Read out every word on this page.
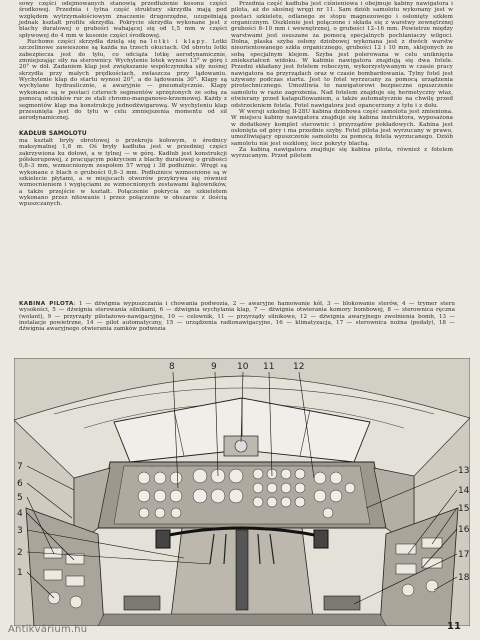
sowy części odejmowanych stanowią przedłużenie kesonu części środkowej. Przednia i tylna część struktury skrzydła mają pod względem wytrzymałościowym znaczenie drugorzędne, uzupełniają jednak kształt profilu skrzydła. Pokrycie skrzydła wykonane jest z blachy duralowej o grubości wahającej się od 1,5 mm w części spływowej do 4 mm w kesonie części środkowej.

Ruchome części skrzydła dzielą się na lotki i klapy. Lotki szczelinowe zawieszone są każda na trzech okuciach. Od obrotu lotki zabezpiecza jest do tyłu, co odciąża lotkę aerodynamicznie, zmniejszając siły na sterownicy. Wychylenie lotek wynosi 13° w górę i 20° w dół. Zadaniem klap jest zwiększanie współczynnika siły nośnej skrzydła przy małych prędkościach, zwłaszcza przy lądowaniu. Wychylenie klap do startu wynosi 20°, a do lądowania 30°. Klapy są wychylane hydraulicznie, a awaryjnie — pneumatycznie. Klapy wykonane są w postaci czterech segmentów sprzężonych ze sobą za pomocą odcinków rur ze stali chromo-manganowo-krzemowej. Każdy z segmentów klap ma konstrukcję jednodźwigarową. W wychyleniu klap przesunięta jest do tyłu w celu zmniejszenia momentu od sił aerodynamicznej.

KADŁUB SAMOLOTU
ma kształt bryły obrotowej o przekroju kołowym, o średnicy maksymalnej 1,8 m. Oś bryły kadłuba jest w przedniej części zakrzywiona ku dołowi, a w tylnej — w górę. Kadłub jest konstrukcji półskorupowej, z pracującym pokryciem z blachy duralowej o grubości 0,8–3 mm, wzmocnionym zespołem 57 wręg i 38 podłużnic. Wręgi są wykonane z blach o grubości 0,8–3 mm. Podłużnice wzmocnione są w szkielecie płytami, a w miejscach otworów przykrywa się również wzmocnieniem i wygięciami ze wzmocnionych zestawami kątowników, a także przejście w kształt. Połączenie pokrycia ze szkieletem wykonano przez nitowanie i przez połączenie w obszarze z ilością wpuszczanych.

Przednia część kadłuba jest ciśnieniowa i obejmuje kabiny nawigatora i pilota, aż do skośnej wręgi nr 11. Sam dziób samolotu wykonany jest w postaci szkieletu, odlanego ze stopu magnezowego i osłonięty szkłem organicznym. Oszklenie jest połączone i składa się z warstwy zewnętrznej grubości 8–10 mm i wewnętrznej, o grubości 12–16 mm. Powietrze między warstwami jest osuszane za pomocą specjalnych pochłaniaczy wilgoci. Dolna, płaska szyba osłony dziobowej wykonana jest z dwóch warstw nieorientowanego szkła organicznego, grubości 12 i 10 mm, sklejonych ze sobą specjalnym klejem. Szyba jest polerowana w celu uniknięcia zniekształceń widoku. W kabinie nawigatora znajdują się dwa fotele. Przedni składany jest fotelem roboczym, wykorzystywanym w czasie pracy nawigatora na przyrządach oraz w czasie bombardowania. Tylny fotel jest używany podczas startu. Jest to fotel wyrzucany za pomocą urządzenia pirotechnicznego. Umożliwia to nawigatorowi bezpieczne opuszczenie samolotu w razie zagrożenia. Nad fotelem znajduje się hermetyczny właz, otwierany przed katapultowaniem, a także automatycznie na chwilę przed odstrzeleniem fotela. Fotel nawigatora jest opancerzony z tyłu i z dołu.

W wersji szkolnej Ił-28U kabina dziobowa część samolotu jest zmieniona. W miejscu kabiny nawigatora znajduje się kabina instruktora, wyposażona w dodatkowy komplet sterownic i przyrządów pokładowych. Kabina jest osłonięta od góry i ma przednie szyby. Fotel pilota jest wyrzucany w prawo, umożliwiający opuszczenie samolotu za pomocą fotela wyrzucanego. Dziób samolotu nie jest oszklony, lecz pokryty blachą.

Za kabiną nawigatora znajduje się kabina pilota, również z fotelem wyrzucanym. Przed pilotem

KABINA PILOTA: 1 — dźwignia wypuszczania i chowania podwozia, 2 — awaryjne hamowanie kół, 3 — blokowanie sterów, 4 — trymer steru wysokości, 5 — dźwignia sterowania silnikami, 6 — dźwignia wychylania klap, 7 — dźwignia otwierania komory bombowej, 8 — sterownica ręczna (wolant), 9 — przyrządy pilotażowo-nawigacyjne, 10 — celownik, 11 — przyrządy silnikowe, 12 — dźwignia awaryjnego zwolnienia bomb, 13 — instalacje powietrzne, 14 — pilot automatyczny, 15 — urządzenia radionawigacyjne, 16 — klimatyzacja, 17 — sterownica nożna (pedały), 18 — dźwignia awaryjnego otwierania zamków podwozia
7
6
5
4
3
2
1
8	9 10 11 12
13
14
15
16
17
18
Antikvárium.hu	11
